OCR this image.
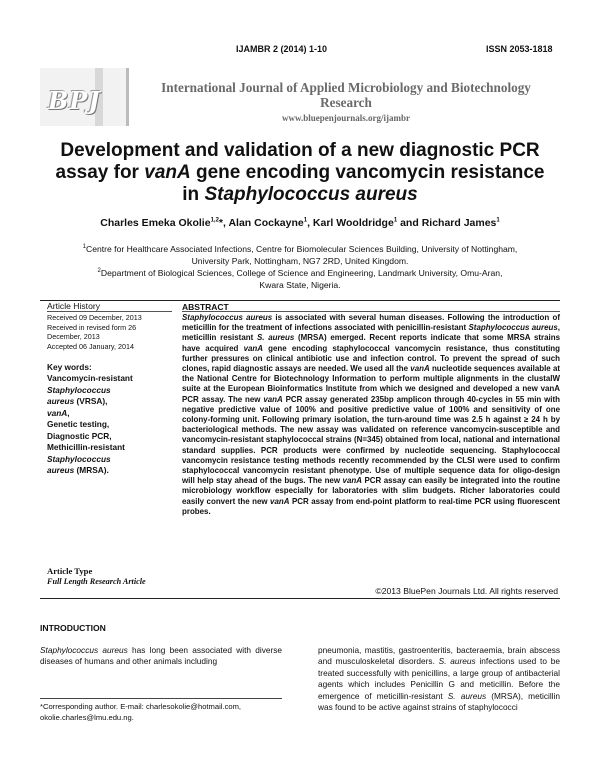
IJAMBR 2 (2014) 1-10	ISSN 2053-1818
BPJ	International Journal of Applied Microbiology and Biotechnology
Research
www.bluepenjournals.org/ijambr
Development and validation of a new diagnostic PCR
assay for vanA gene encoding vancomycin resistance
in Staphylococcus aureus
Charles Emeka Okolie$^{1,2}$*, Alan Cockayne$^1$, Karl Wooldridge$^1$ and Richard James$^1$
$^1$Centre for Healthcare Associated Infections, Centre for Biomolecular Sciences Building, University of Nottingham,
University Park, Nottingham, NG7 2RD, United Kingdom.
$^2$Department of Biological Sciences, College of Science and Engineering, Landmark University, Omu-Aran,
Kwara State, Nigeria.
Article History
Received 09 December, 2013
Received in revised form 26
December, 2013
Accepted 06 January, 2014
Key words:
Vancomycin-resistant
Staphylococcus
aureus (VRSA),
vanA,
Genetic testing,
Diagnostic PCR,
Methicillin-resistant
Staphylococcus
aureus (MRSA).
Article Type
Full Length Research Article
ABSTRACT
Staphylococcus aureus is associated with several human diseases. Following the introduction of meticillin for the treatment of infections associated with penicillin-resistant Staphylococcus aureus, meticillin resistant S. aureus (MRSA) emerged. Recent reports indicate that some MRSA strains have acquired vanA gene encoding staphylococcal vancomycin resistance, thus constituting further pressures on clinical antibiotic use and infection control. To prevent the spread of such clones, rapid diagnostic assays are needed. We used all the vanA nucleotide sequences available at the National Centre for Biotechnology Information to perform multiple alignments in the clustalW suite at the European Bioinformatics Institute from which we designed and developed a new vanA PCR assay. The new vanA PCR assay generated 235bp amplicon through 40-cycles in 55 min with negative predictive value of 100% and positive predictive value of 100% and sensitivity of one colony-forming unit. Following primary isolation, the turn-around time was 2.5 h against ≥ 24 h by bacteriological methods. The new assay was validated on reference vancomycin-susceptible and vancomycin-resistant staphylococcal strains (N=345) obtained from local, national and international standard supplies. PCR products were confirmed by nucleotide sequencing. Staphylococcal vancomycin resistance testing methods recently recommended by the CLSI were used to confirm staphylococcal vancomycin resistant phenotype. Use of multiple sequence data for oligo-design will help stay ahead of the bugs. The new vanA PCR assay can easily be integrated into the routine microbiology workflow especially for laboratories with slim budgets. Richer laboratories could easily convert the new vanA PCR assay from end-point platform to real-time PCR using fluorescent probes.
©2013 BluePen Journals Ltd. All rights reserved
INTRODUCTION
Staphylococcus aureus has long been associated with diverse diseases of humans and other animals including
pneumonia, mastitis, gastroenteritis, bacteraemia, brain abscess and musculoskeletal disorders. S. aureus infections used to be treated successfully with penicillins, a large group of antibacterial agents which includes Penicillin G and meticillin. Before the emergence of meticillin-resistant S. aureus (MRSA), meticillin was found to be active against strains of staphylococci
*Corresponding author. E-mail: charlesokolie@hotmail.com,
okolie.charles@lmu.edu.ng.
